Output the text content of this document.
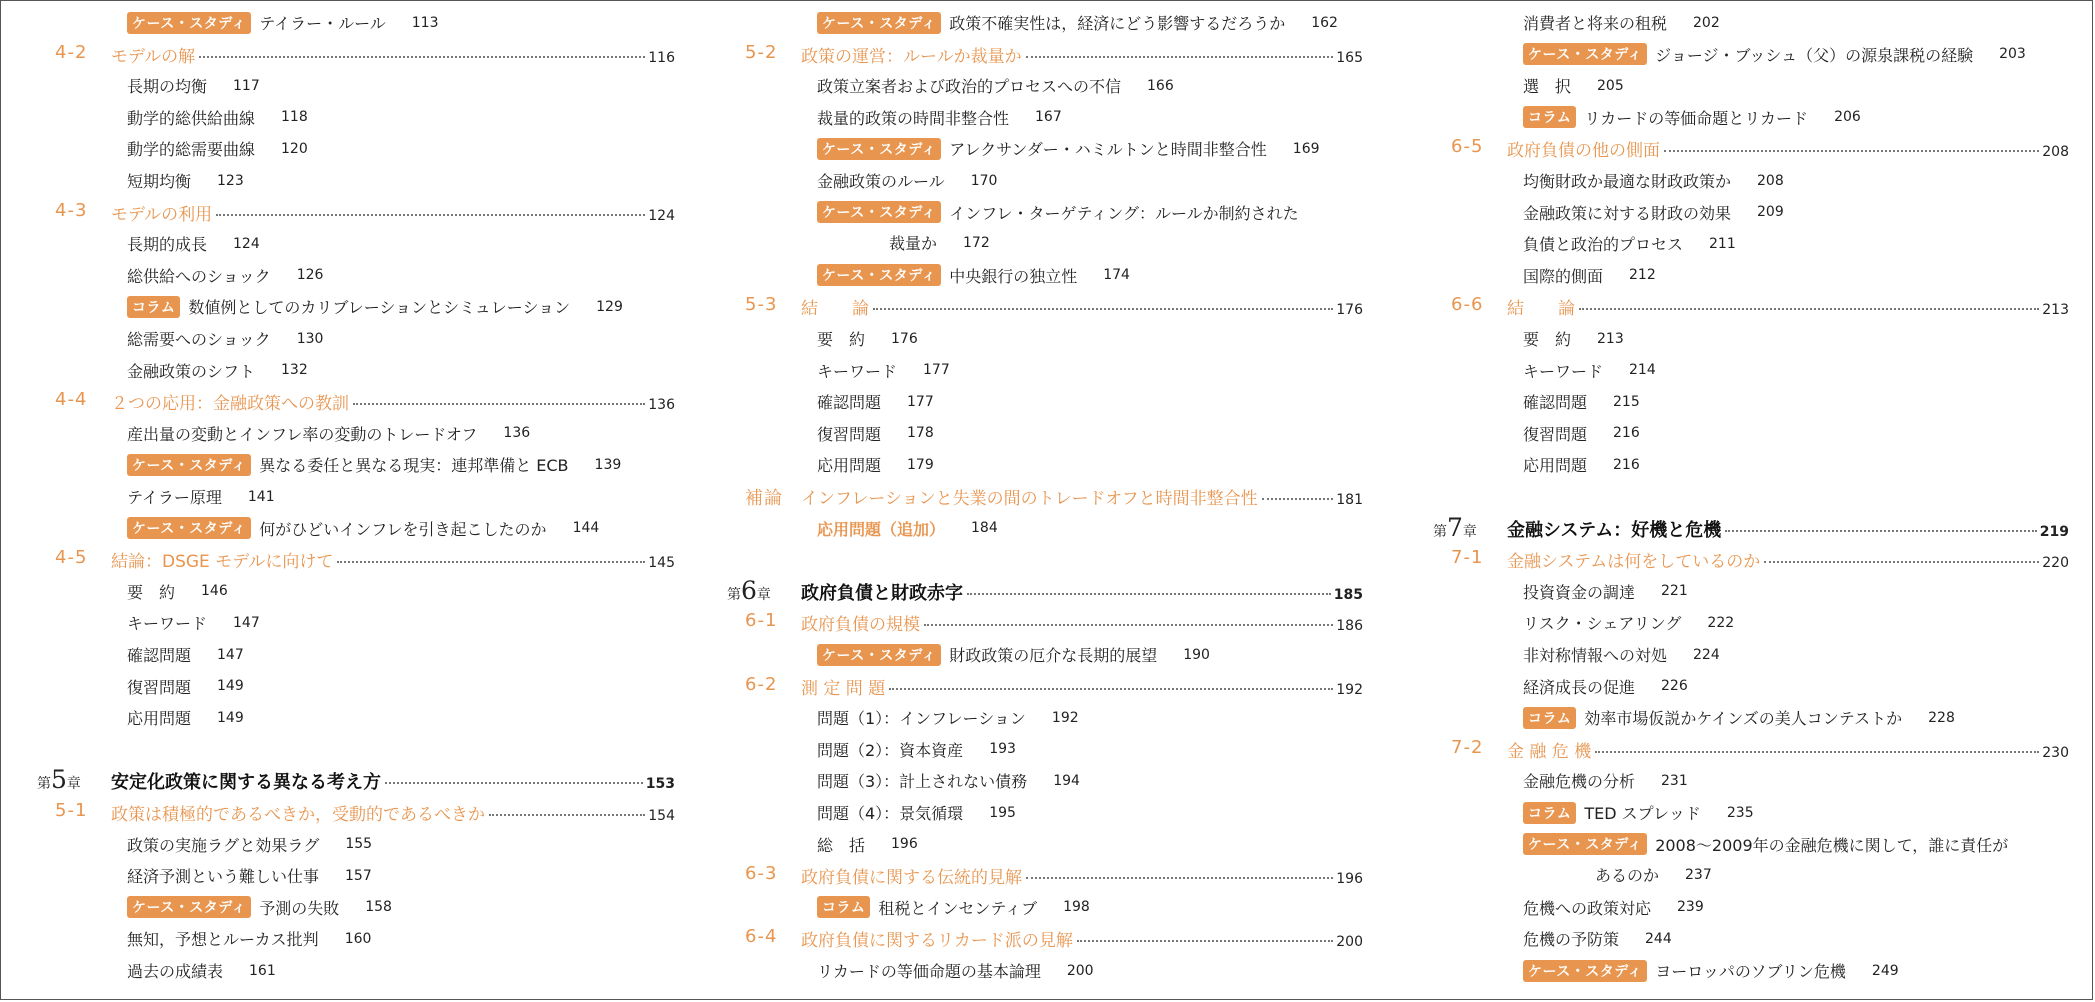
ケース・スタディ テイラー・ルール 113
4-2 モデルの解	116
長期の均衡 117
動学的総供給曲線 118
動学的総需要曲線 120
短期均衡 123
4-3 モデルの利用	124
長期的成長 124
総供給へのショック 126
コラム 数値例としてのカリブレーションとシミュレーション 129
総需要へのショック 130
金融政策のシフト 132
4-4 ２つの応用：金融政策への教訓	136
産出量の変動とインフレ率の変動のトレードオフ 136
ケース・スタディ 異なる委任と異なる現実：連邦準備と ECB 139
テイラー原理 141
ケース・スタディ 何がひどいインフレを引き起こしたのか 144
4-5 結論：DSGE モデルに向けて	145
要　約 146
キーワード 147
確認問題 147
復習問題 149
応用問題 149
第5章 安定化政策に関する異なる考え方	153
5-1 政策は積極的であるべきか，受動的であるべきか	154
政策の実施ラグと効果ラグ 155
経済予測という難しい仕事 157
ケース・スタディ 予測の失敗 158
無知，予想とルーカス批判 160
過去の成績表 161
ケース・スタディ 政策不確実性は，経済にどう影響するだろうか 162
5-2 政策の運営：ルールか裁量か	165
政策立案者および政治的プロセスへの不信 166
裁量的政策の時間非整合性 167
ケース・スタディ アレクサンダー・ハミルトンと時間非整合性 169
金融政策のルール 170
ケース・スタディ インフレ・ターゲティング：ルールか制約された
裁量か 172
ケース・スタディ 中央銀行の独立性 174
5-3 結　　論	176
要　約 176
キーワード 177
確認問題 177
復習問題 178
応用問題 179
補論 インフレーションと失業の間のトレードオフと時間非整合性	181
応用問題（追加） 184
第6章 政府負債と財政赤字	185
6-1 政府負債の規模	186
ケース・スタディ 財政政策の厄介な長期的展望 190
6-2 測 定 問 題	192
問題（1）：インフレーション 192
問題（2）：資本資産 193
問題（3）：計上されない債務 194
問題（4）：景気循環 195
総　括 196
6-3 政府負債に関する伝統的見解	196
コラム 租税とインセンティブ 198
6-4 政府負債に関するリカード派の見解	200
リカードの等価命題の基本論理 200
消費者と将来の租税 202
ケース・スタディ ジョージ・ブッシュ（父）の源泉課税の経験 203
選　択 205
コラム リカードの等価命題とリカード 206
6-5 政府負債の他の側面	208
均衡財政か最適な財政政策か 208
金融政策に対する財政の効果 209
負債と政治的プロセス 211
国際的側面 212
6-6 結　　論	213
要　約 213
キーワード 214
確認問題 215
復習問題 216
応用問題 216
第7章 金融システム：好機と危機	219
7-1 金融システムは何をしているのか	220
投資資金の調達 221
リスク・シェアリング 222
非対称情報への対処 224
経済成長の促進 226
コラム 効率市場仮説かケインズの美人コンテストか 228
7-2 金 融 危 機	230
金融危機の分析 231
コラム TED スプレッド 235
ケース・スタディ 2008～2009年の金融危機に関して，誰に責任が
あるのか 237
危機への政策対応 239
危機の予防策 244
ケース・スタディ ヨーロッパのソブリン危機 249
